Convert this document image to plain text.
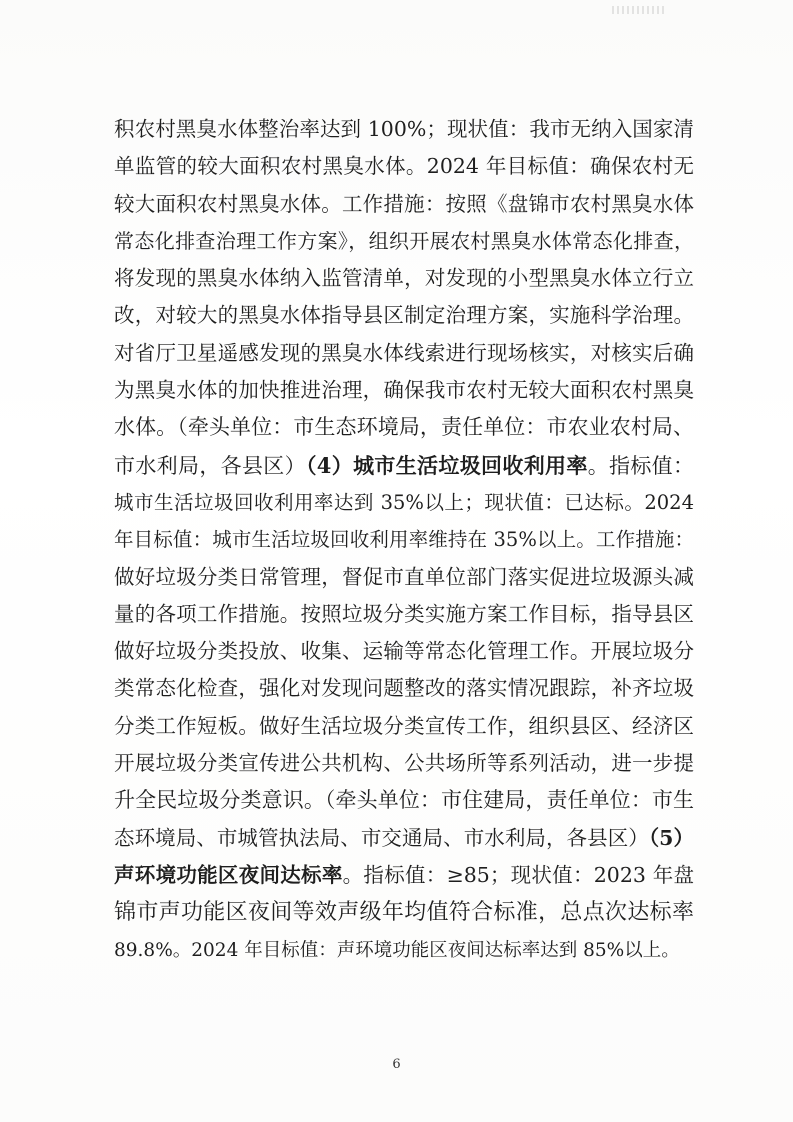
积农村黑臭水体整治率达到 100%；现状值：我市无纳入国家清
单监管的较大面积农村黑臭水体。2024 年目标值：确保农村无
较大面积农村黑臭水体。工作措施：按照《盘锦市农村黑臭水体
常态化排查治理工作方案》，组织开展农村黑臭水体常态化排查，
将发现的黑臭水体纳入监管清单，对发现的小型黑臭水体立行立
改，对较大的黑臭水体指导县区制定治理方案，实施科学治理。
对省厅卫星遥感发现的黑臭水体线索进行现场核实，对核实后确
为黑臭水体的加快推进治理，确保我市农村无较大面积农村黑臭
水体。（牵头单位：市生态环境局，责任单位：市农业农村局、
市水利局，各县区）（4）城市生活垃圾回收利用率。指标值：
城市生活垃圾回收利用率达到 35%以上；现状值：已达标。2024
年目标值：城市生活垃圾回收利用率维持在 35%以上。工作措施：
做好垃圾分类日常管理，督促市直单位部门落实促进垃圾源头减
量的各项工作措施。按照垃圾分类实施方案工作目标，指导县区
做好垃圾分类投放、收集、运输等常态化管理工作。开展垃圾分
类常态化检查，强化对发现问题整改的落实情况跟踪，补齐垃圾
分类工作短板。做好生活垃圾分类宣传工作，组织县区、经济区
开展垃圾分类宣传进公共机构、公共场所等系列活动，进一步提
升全民垃圾分类意识。（牵头单位：市住建局，责任单位：市生
态环境局、市城管执法局、市交通局、市水利局，各县区）（5）
声环境功能区夜间达标率。指标值：≥85；现状值：2023 年盘
锦市声功能区夜间等效声级年均值符合标准，总点次达标率
89.8%。2024 年目标值：声环境功能区夜间达标率达到 85%以上。
6
